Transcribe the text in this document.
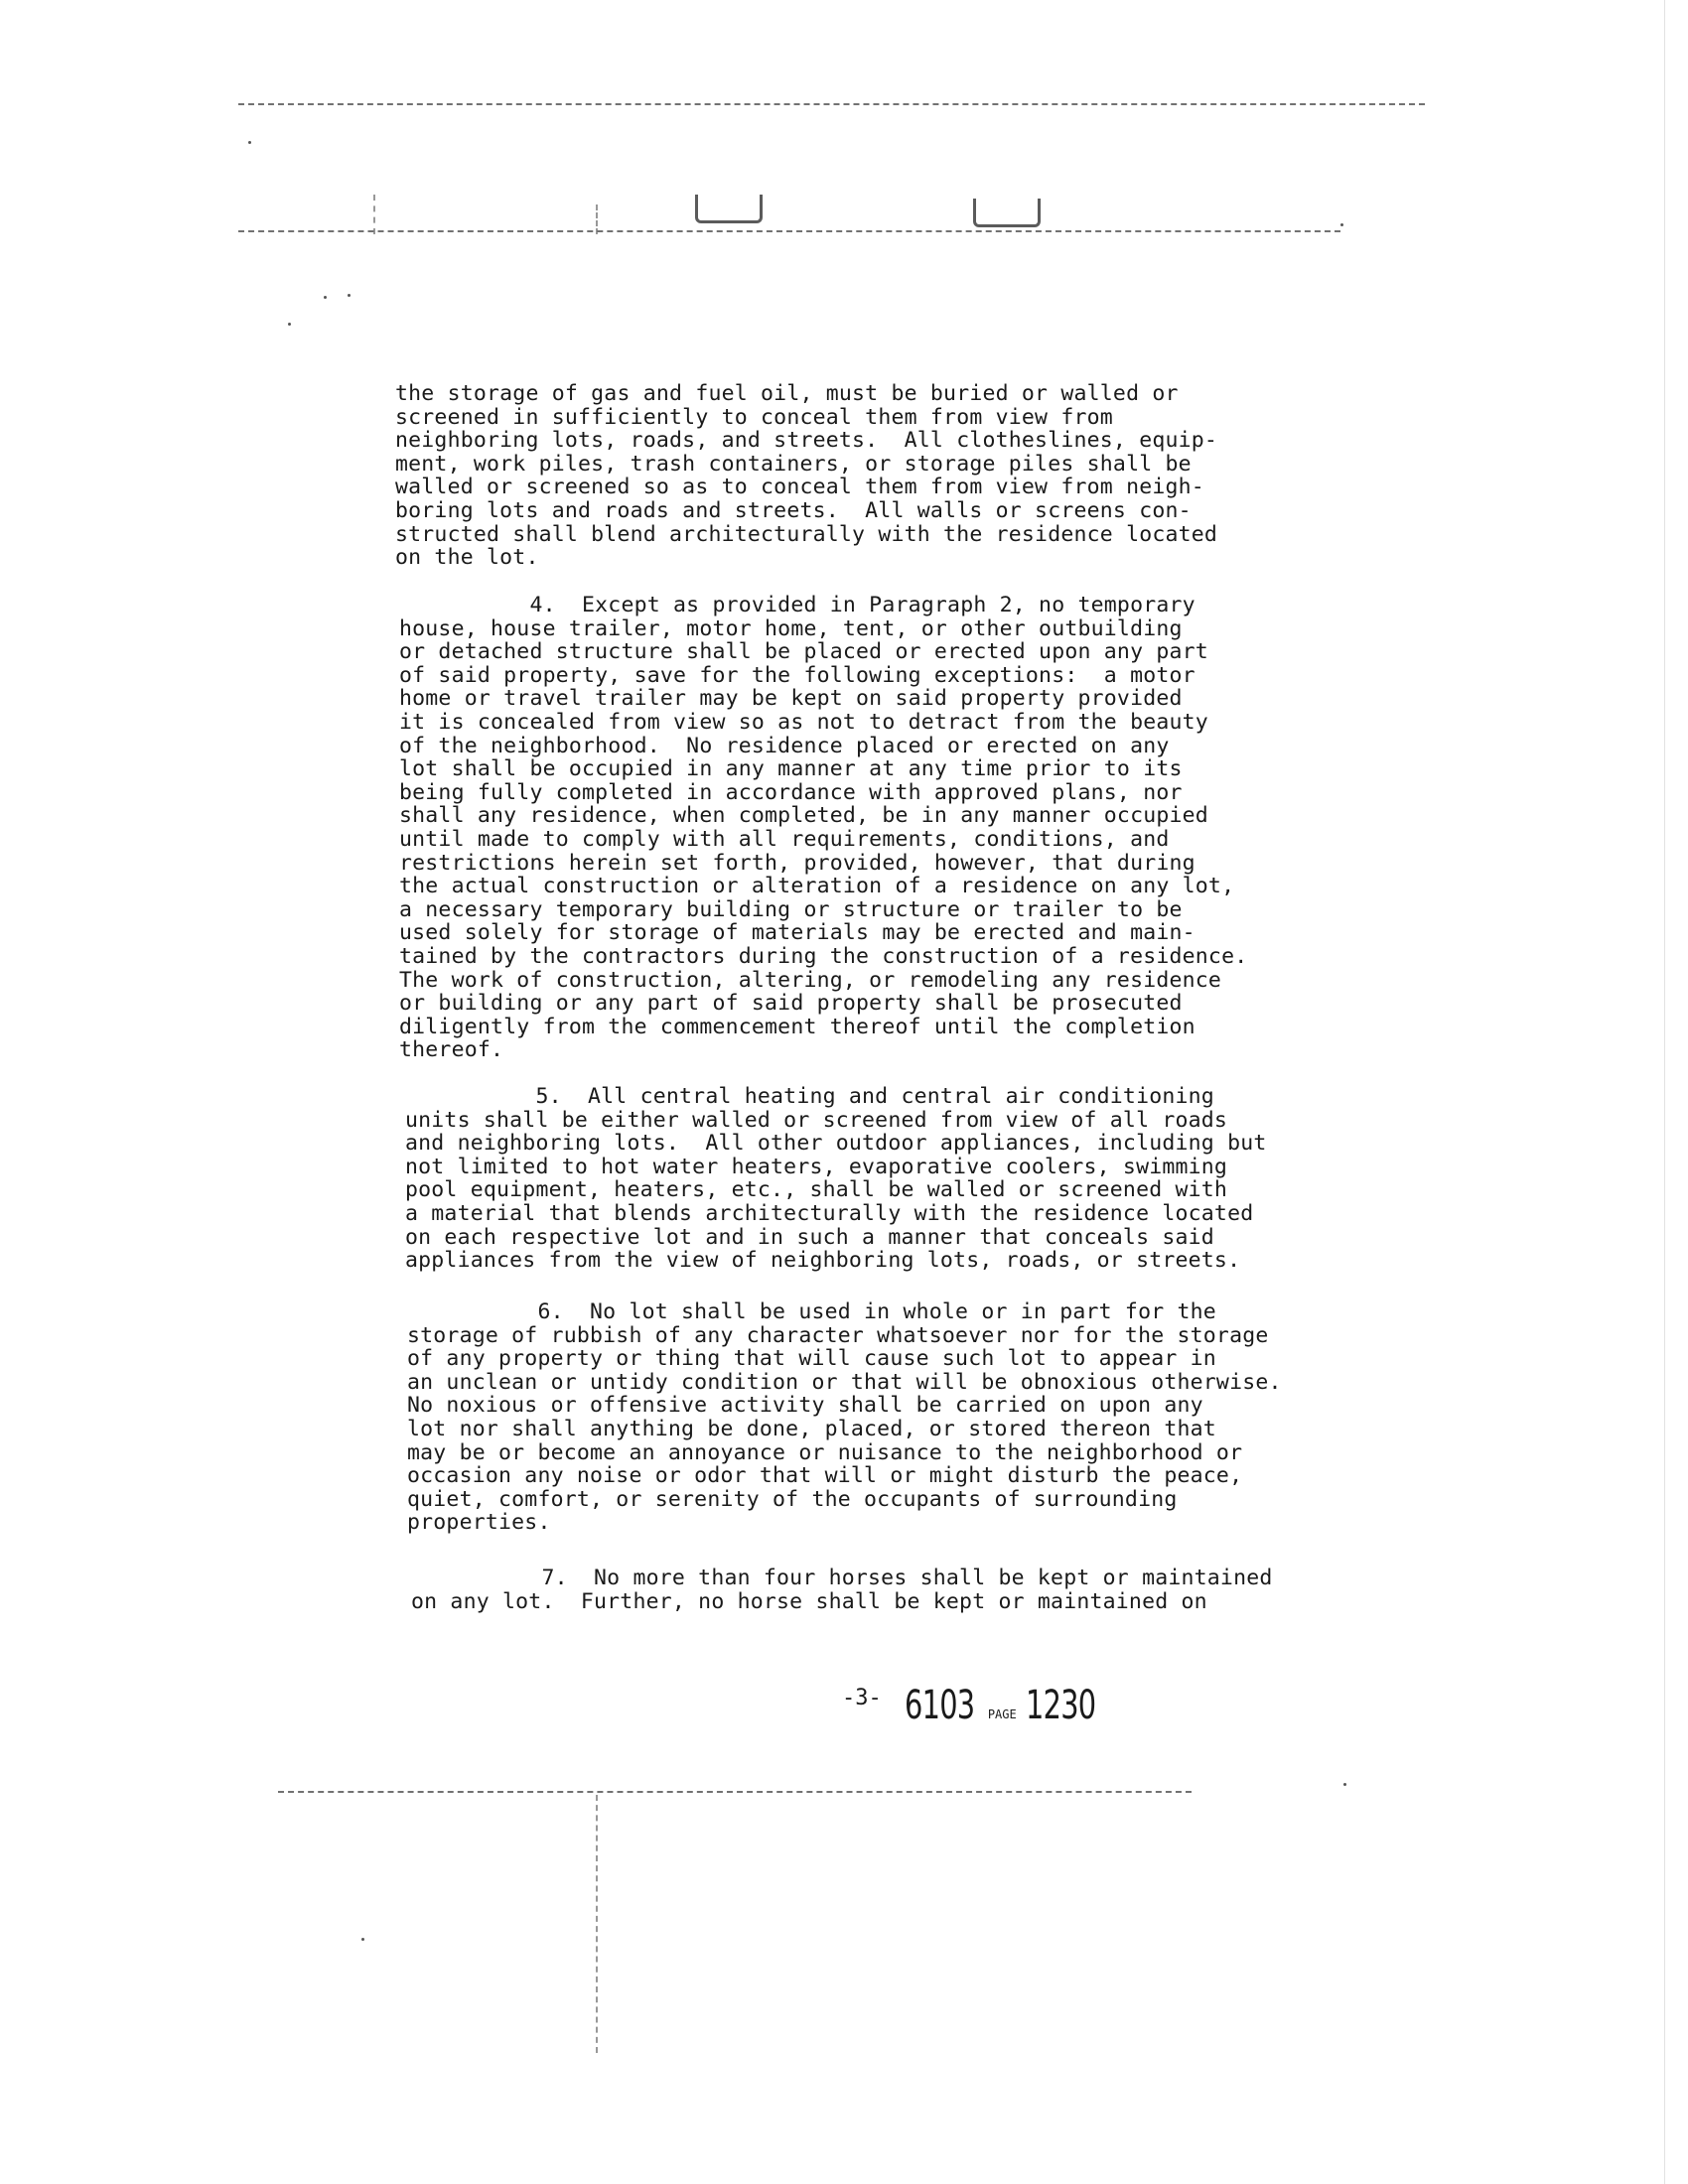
the storage of gas and fuel oil, must be buried or walled or
screened in sufficiently to conceal them from view from
neighboring lots, roads, and streets.  All clotheslines, equip-
ment, work piles, trash containers, or storage piles shall be
walled or screened so as to conceal them from view from neigh-
boring lots and roads and streets.  All walls or screens con-
structed shall blend architecturally with the residence located
on the lot.
4.  Except as provided in Paragraph 2, no temporary
house, house trailer, motor home, tent, or other outbuilding
or detached structure shall be placed or erected upon any part
of said property, save for the following exceptions:  a motor
home or travel trailer may be kept on said property provided
it is concealed from view so as not to detract from the beauty
of the neighborhood.  No residence placed or erected on any
lot shall be occupied in any manner at any time prior to its
being fully completed in accordance with approved plans, nor
shall any residence, when completed, be in any manner occupied
until made to comply with all requirements, conditions, and
restrictions herein set forth, provided, however, that during
the actual construction or alteration of a residence on any lot,
a necessary temporary building or structure or trailer to be
used solely for storage of materials may be erected and main-
tained by the contractors during the construction of a residence.
The work of construction, altering, or remodeling any residence
or building or any part of said property shall be prosecuted
diligently from the commencement thereof until the completion
thereof.
5.  All central heating and central air conditioning
units shall be either walled or screened from view of all roads
and neighboring lots.  All other outdoor appliances, including but
not limited to hot water heaters, evaporative coolers, swimming
pool equipment, heaters, etc., shall be walled or screened with
a material that blends architecturally with the residence located
on each respective lot and in such a manner that conceals said
appliances from the view of neighboring lots, roads, or streets.
6.  No lot shall be used in whole or in part for the
storage of rubbish of any character whatsoever nor for the storage
of any property or thing that will cause such lot to appear in
an unclean or untidy condition or that will be obnoxious otherwise.
No noxious or offensive activity shall be carried on upon any
lot nor shall anything be done, placed, or stored thereon that
may be or become an annoyance or nuisance to the neighborhood or
occasion any noise or odor that will or might disturb the peace,
quiet, comfort, or serenity of the occupants of surrounding
properties.
7.  No more than four horses shall be kept or maintained
on any lot.  Further, no horse shall be kept or maintained on
-3- 6103 PAGE 1230
